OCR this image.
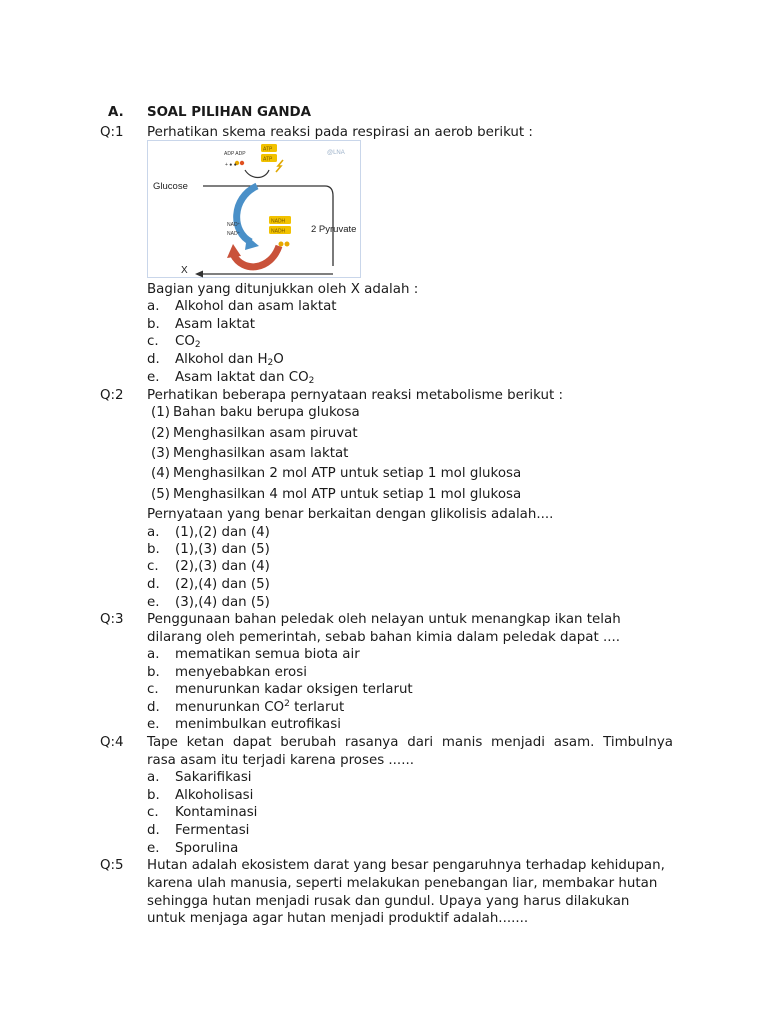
A. SOAL PILIHAN GANDA
Q:1 Perhatikan skema reaksi pada respirasi an aerob berikut :
Glucose
2 Pyruvate
X
ADP ADP
+ ● ●
ATP
ATP
NADH
NADH
NAD⁺
NAD⁺
@LNA
Bagian yang ditunjukkan oleh X adalah :
a. Alkohol dan asam laktat
b. Asam laktat
c. $CO_2$
d. Alkohol dan $H_2O$
e. Asam laktat dan $CO_2$
Q:2 Perhatikan beberapa pernyataan reaksi metabolisme berikut :
(1) Bahan baku berupa glukosa
(2) Menghasilkan asam piruvat
(3) Menghasilkan asam laktat
(4) Menghasilkan 2 mol ATP untuk setiap 1 mol glukosa
(5) Menghasilkan 4 mol ATP untuk setiap 1 mol glukosa
Pernyataan yang benar berkaitan dengan glikolisis adalah....
a. (1),(2) dan (4)
b. (1),(3) dan (5)
c. (2),(3) dan (4)
d. (2),(4) dan (5)
e. (3),(4) dan (5)
Q:3 Penggunaan bahan peledak oleh nelayan untuk menangkap ikan telah
dilarang oleh pemerintah, sebab bahan kimia dalam peledak dapat ....
a. mematikan semua biota air
b. menyebabkan erosi
c. menurunkan kadar oksigen terlarut
d. menurunkan $CO^2$ terlarut
e. menimbulkan eutrofikasi
Q:4 Tape ketan dapat berubah rasanya dari manis menjadi asam. Timbulnya
rasa asam itu terjadi karena proses ......
a. Sakarifikasi
b. Alkoholisasi
c. Kontaminasi
d. Fermentasi
e. Sporulina
Q:5 Hutan adalah ekosistem darat yang besar pengaruhnya terhadap kehidupan,
karena ulah manusia, seperti melakukan penebangan liar, membakar hutan
sehingga hutan menjadi rusak dan gundul. Upaya yang harus dilakukan
untuk menjaga agar hutan menjadi produktif adalah.......
